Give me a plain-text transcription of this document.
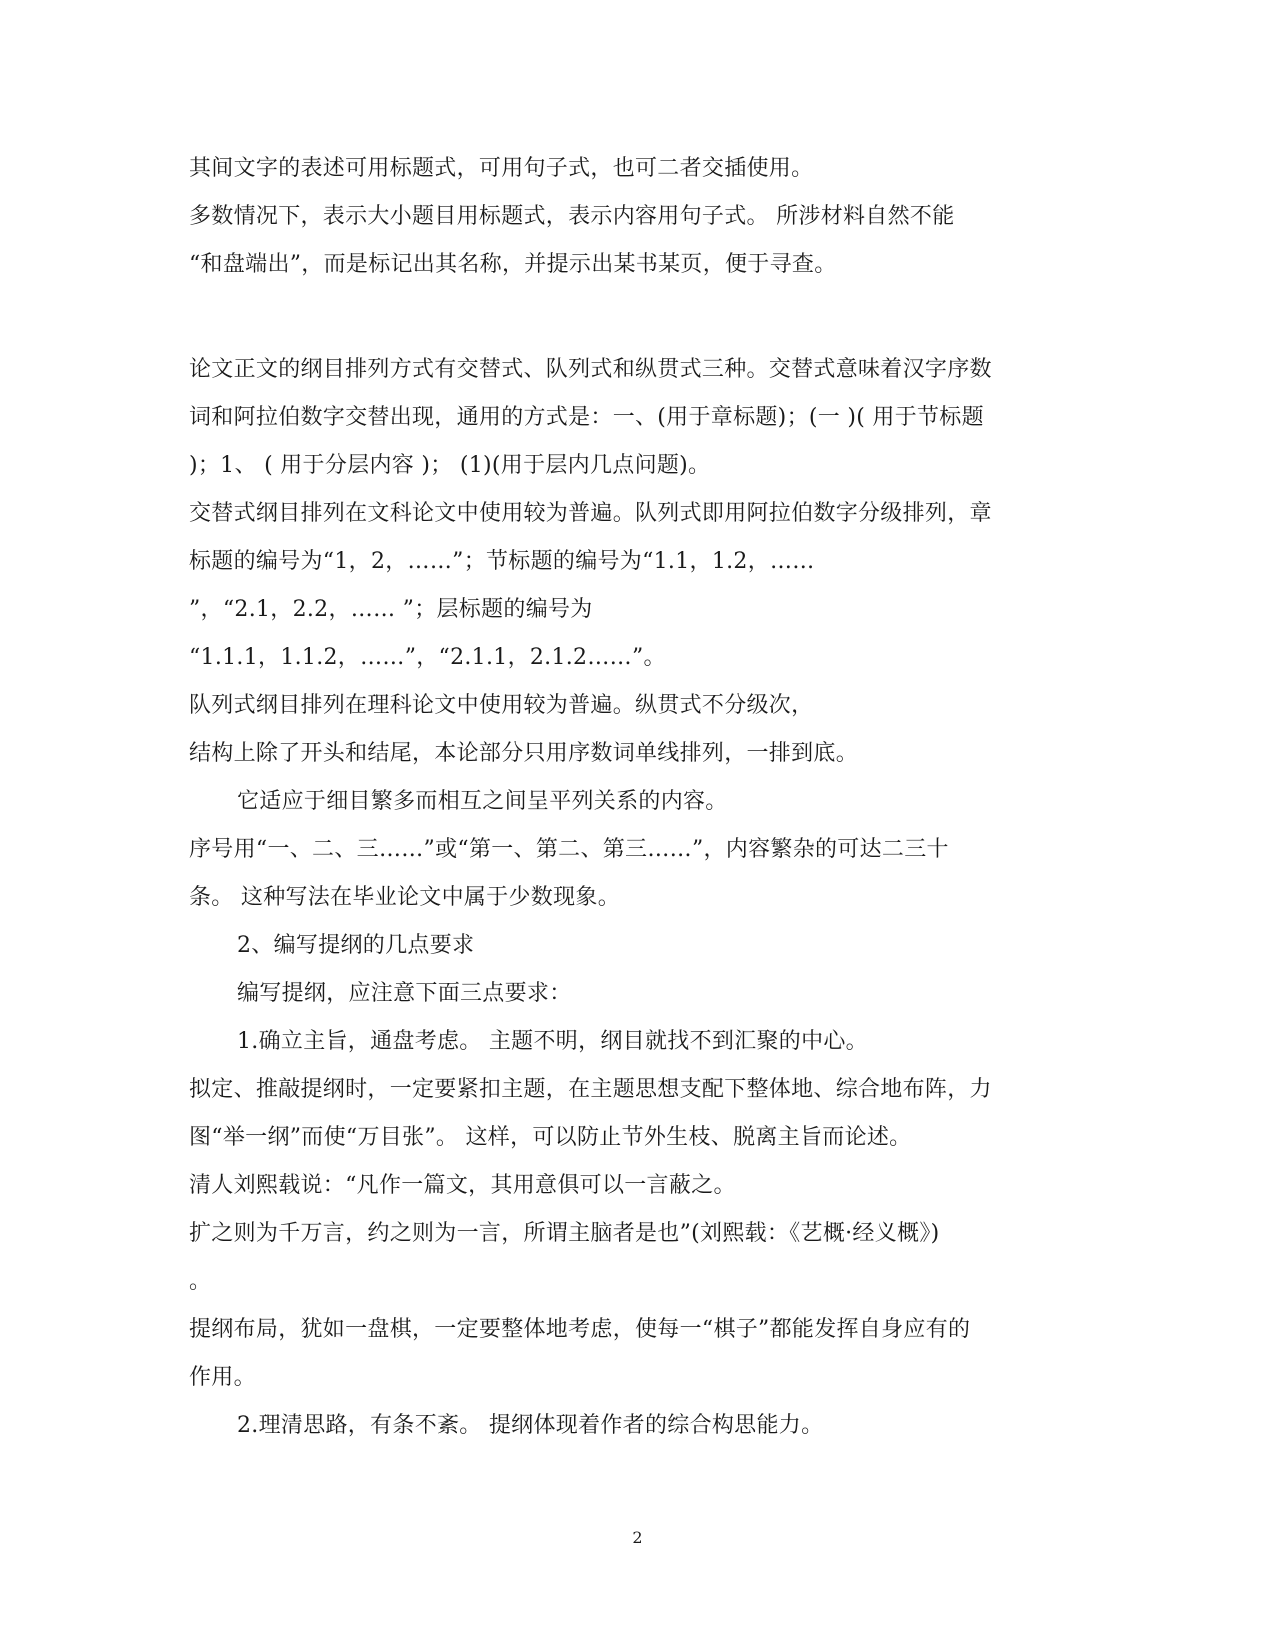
其间文字的表述可用标题式，可用句子式，也可二者交插使用。
多数情况下，表示大小题目用标题式，表示内容用句子式。 所涉材料自然不能
“和盘端出”，而是标记出其名称，并提示出某书某页，便于寻查。
论文正文的纲目排列方式有交替式、队列式和纵贯式三种。交替式意味着汉字序数
词和阿拉伯数字交替出现，通用的方式是：一、(用于章标题)；(一 )( 用于节标题
)；1、 ( 用于分层内容 )； (1)(用于层内几点问题)。
交替式纲目排列在文科论文中使用较为普遍。队列式即用阿拉伯数字分级排列，章
标题的编号为“1，2，……”；节标题的编号为“1.1，1.2，……
”，“2.1，2.2，…… ”；层标题的编号为
“1.1.1，1.1.2，……”，“2.1.1，2.1.2……”。
队列式纲目排列在理科论文中使用较为普遍。纵贯式不分级次，
结构上除了开头和结尾，本论部分只用序数词单线排列，一排到底。
它适应于细目繁多而相互之间呈平列关系的内容。
序号用“一、二、三……”或“第一、第二、第三……”，内容繁杂的可达二三十
条。 这种写法在毕业论文中属于少数现象。
2、编写提纲的几点要求
编写提纲，应注意下面三点要求：
1.确立主旨，通盘考虑。 主题不明，纲目就找不到汇聚的中心。
拟定、推敲提纲时，一定要紧扣主题，在主题思想支配下整体地、综合地布阵，力
图“举一纲”而使“万目张”。 这样，可以防止节外生枝、脱离主旨而论述。
清人刘熙载说：“凡作一篇文，其用意俱可以一言蔽之。
扩之则为千万言，约之则为一言，所谓主脑者是也”(刘熙载：《艺概·经义概》)
。
提纲布局，犹如一盘棋，一定要整体地考虑，使每一“棋子”都能发挥自身应有的
作用。
2.理清思路，有条不紊。 提纲体现着作者的综合构思能力。
2
